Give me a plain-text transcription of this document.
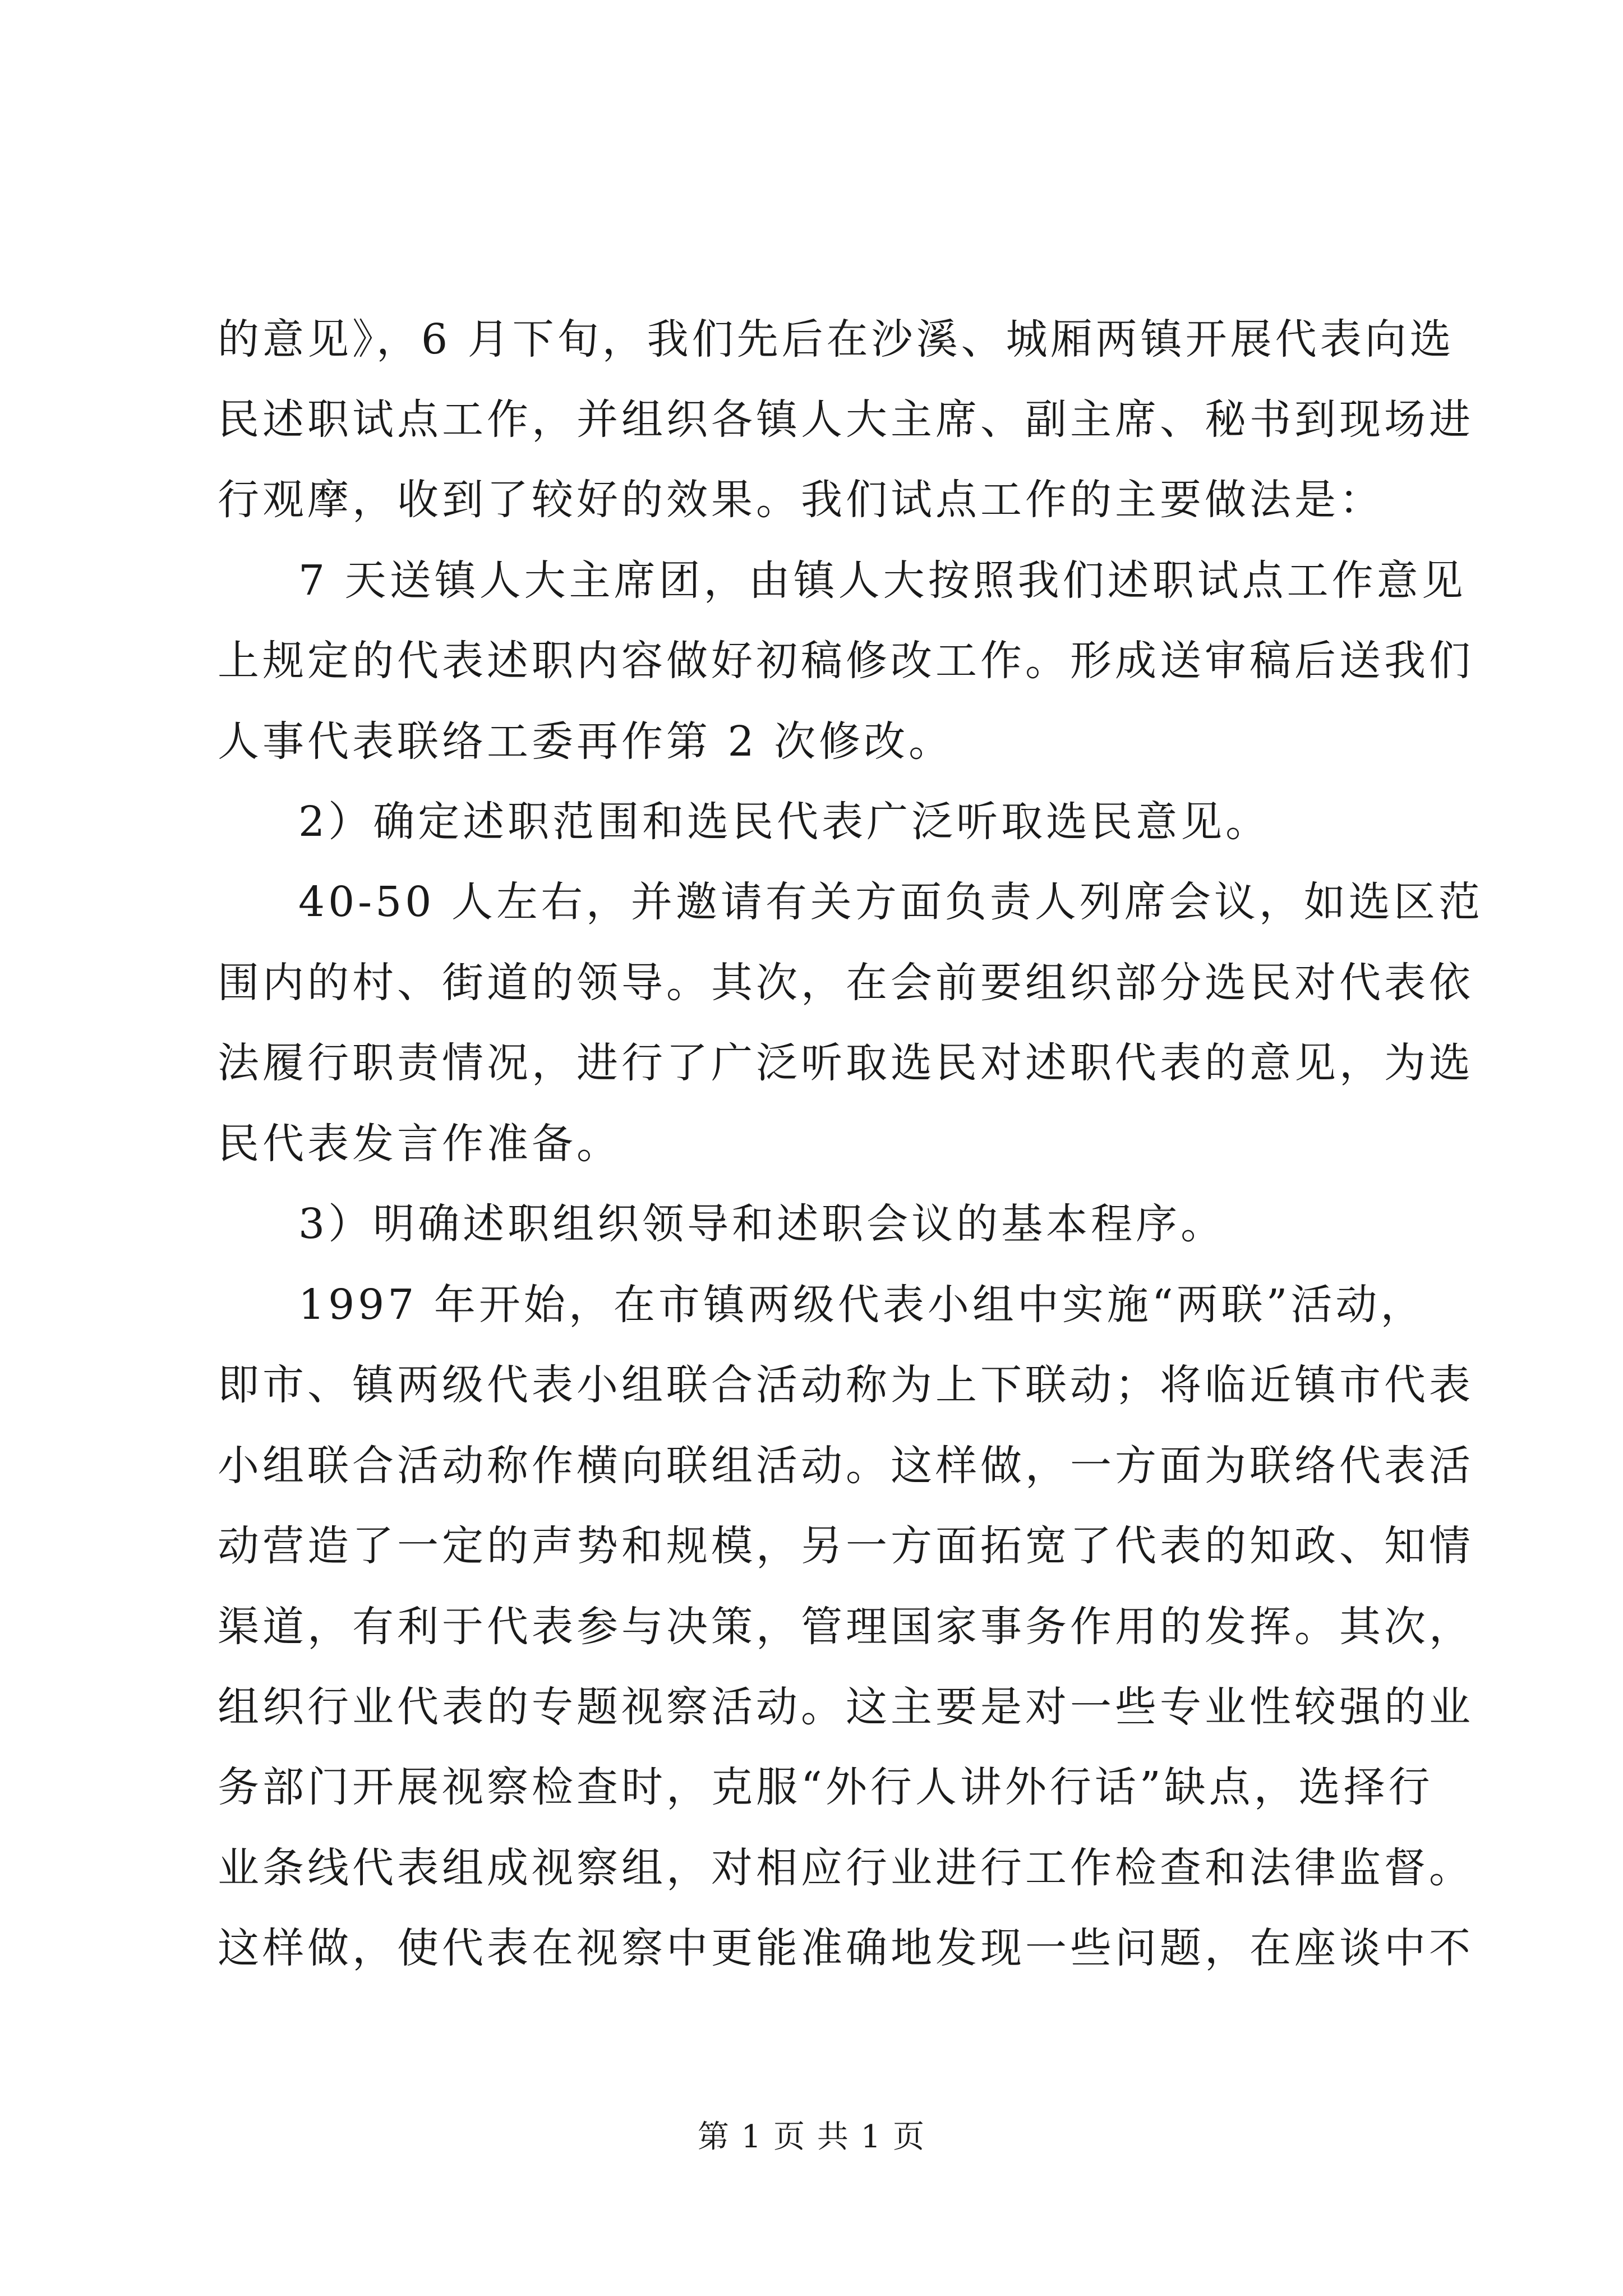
的意见》，6 月下旬，我们先后在沙溪、城厢两镇开展代表向选
民述职试点工作，并组织各镇人大主席、副主席、秘书到现场进
行观摩，收到了较好的效果。我们试点工作的主要做法是：
7 天送镇人大主席团，由镇人大按照我们述职试点工作意见
上规定的代表述职内容做好初稿修改工作。形成送审稿后送我们
人事代表联络工委再作第 2 次修改。
2）确定述职范围和选民代表广泛听取选民意见。
40-50 人左右，并邀请有关方面负责人列席会议，如选区范
围内的村、街道的领导。其次，在会前要组织部分选民对代表依
法履行职责情况，进行了广泛听取选民对述职代表的意见，为选
民代表发言作准备。
3）明确述职组织领导和述职会议的基本程序。
1997 年开始，在市镇两级代表小组中实施“两联”活动，
即市、镇两级代表小组联合活动称为上下联动；将临近镇市代表
小组联合活动称作横向联组活动。这样做，一方面为联络代表活
动营造了一定的声势和规模，另一方面拓宽了代表的知政、知情
渠道，有利于代表参与决策，管理国家事务作用的发挥。其次，
组织行业代表的专题视察活动。这主要是对一些专业性较强的业
务部门开展视察检查时，克服“外行人讲外行话”缺点，选择行
业条线代表组成视察组，对相应行业进行工作检查和法律监督。
这样做，使代表在视察中更能准确地发现一些问题，在座谈中不
第 1 页 共 1 页
